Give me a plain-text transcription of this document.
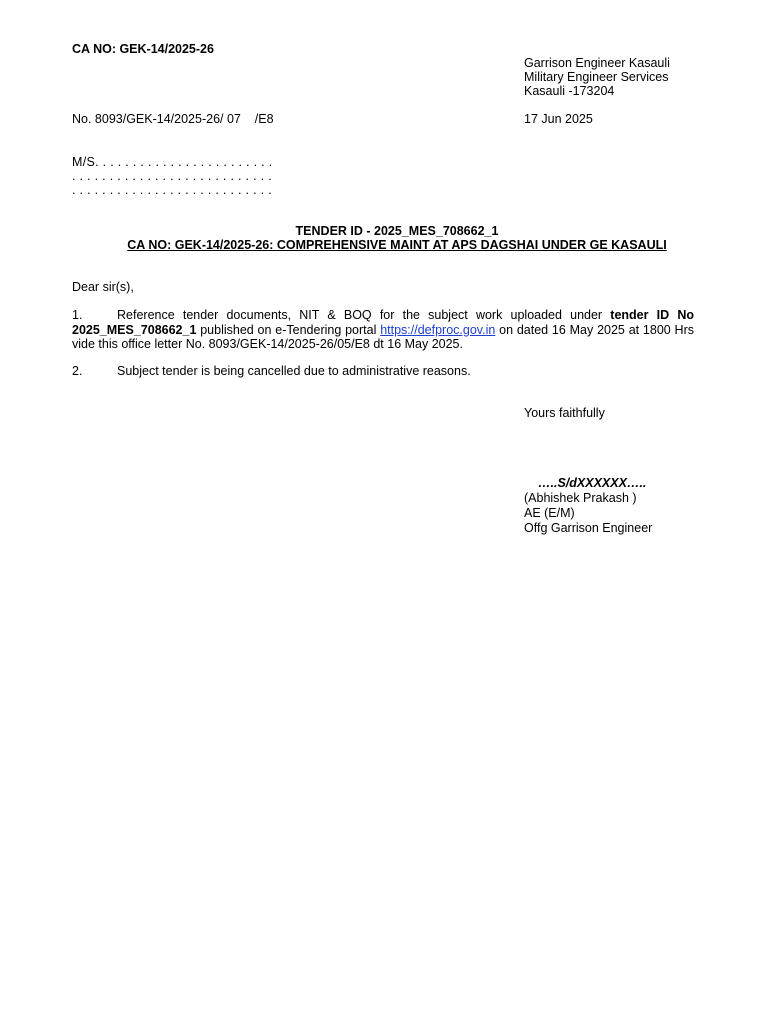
CA NO: GEK-14/2025-26
Garrison Engineer Kasauli
Military Engineer Services
Kasauli -173204
No. 8093/GEK-14/2025-26/ 07    /E8	17 Jun 2025
M/S. . . . . . . . . . . . . . . . . . . . . . . .
. . . . . . . . . . . . . . . . . . . . . . . . . . .
. . . . . . . . . . . . . . . . . . . . . . . . . . .
TENDER ID - 2025_MES_708662_1
CA NO: GEK-14/2025-26: COMPREHENSIVE MAINT AT APS DAGSHAI UNDER GE KASAULI
Dear sir(s),
1.	Reference tender documents, NIT & BOQ for the subject work uploaded under tender ID No 2025_MES_708662_1 published on e-Tendering portal https://defproc.gov.in on dated 16 May 2025 at 1800 Hrs vide this office letter No. 8093/GEK-14/2025-26/05/E8 dt 16 May 2025.
2.	Subject tender is being cancelled due to administrative reasons.
Yours faithfully
…..S/dXXXXXX…..
(Abhishek Prakash )
AE (E/M)
Offg Garrison Engineer
